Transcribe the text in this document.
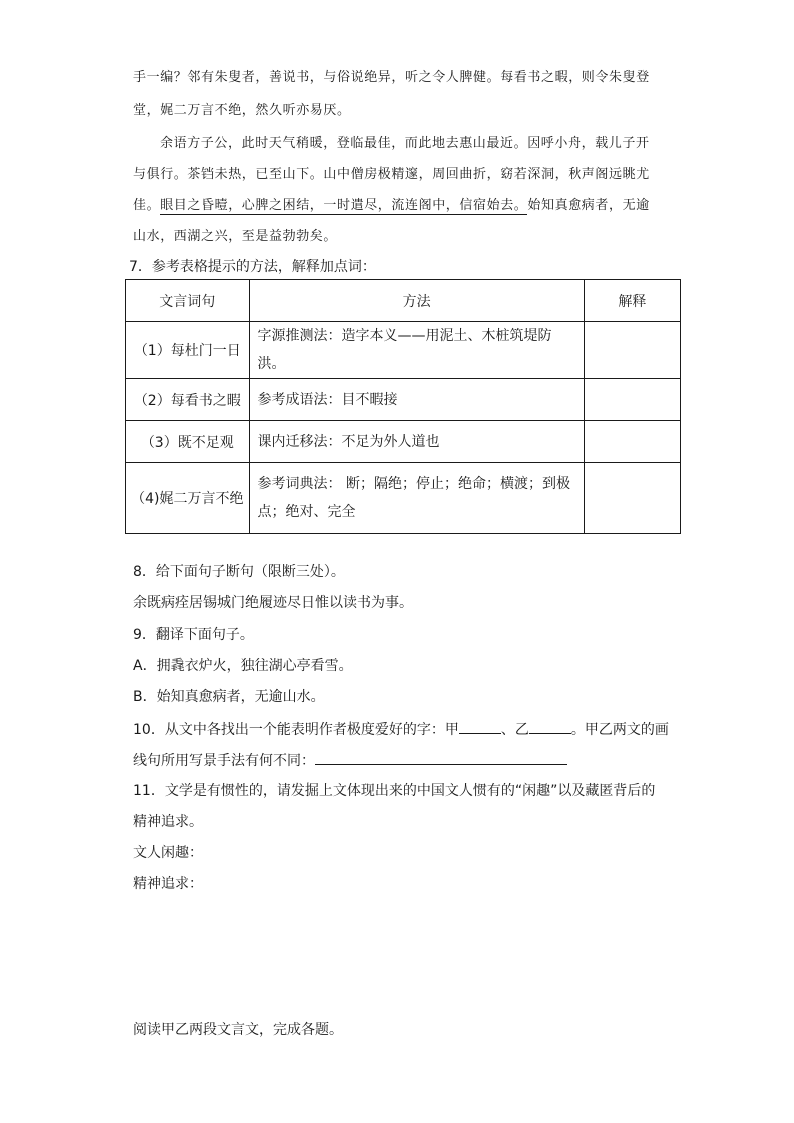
手一编？邻有朱叟者，善说书，与俗说绝异，听之令人脾健。每看书之暇，则令朱叟登
堂，娓二万言不绝，然久听亦易厌。
余语方子公，此时天气稍暖，登临最佳，而此地去惠山最近。因呼小舟，载儿子开
与俱行。茶铛未热，已至山下。山中僧房极精邃，周回曲折，窈若深洞，秋声阁远眺尤
佳。眼目之昏曀，心脾之困结，一时遣尽，流连阁中，信宿始去。始知真愈病者，无逾
山水，西湖之兴，至是益勃勃矣。
7．参考表格提示的方法，解释加点词：
文言词句	方法	解释
（1）每杜门一日	字源推测法：造字本义——用泥土、木桩筑堤防洪。	
（2）每看书之暇	参考成语法：目不暇接	
（3）既不足观	课内迁移法：不足为外人道也	
（4)娓二万言不绝	参考词典法： 断；隔绝；停止；绝命；横渡；到极点；绝对、完全	
8．给下面句子断句（限断三处）。
余既病痊居锡城门绝履迹尽日惟以读书为事。
9．翻译下面句子。
A．拥毳衣炉火，独往湖心亭看雪。
B．始知真愈病者，无逾山水。
10．从文中各找出一个能表明作者极度爱好的字：甲	、乙	。甲乙两文的画
线句所用写景手法有何不同：
11．文学是有惯性的，请发掘上文体现出来的中国文人惯有的“闲趣”以及藏匿背后的
精神追求。
文人闲趣：
精神追求：
阅读甲乙两段文言文，完成各题。
